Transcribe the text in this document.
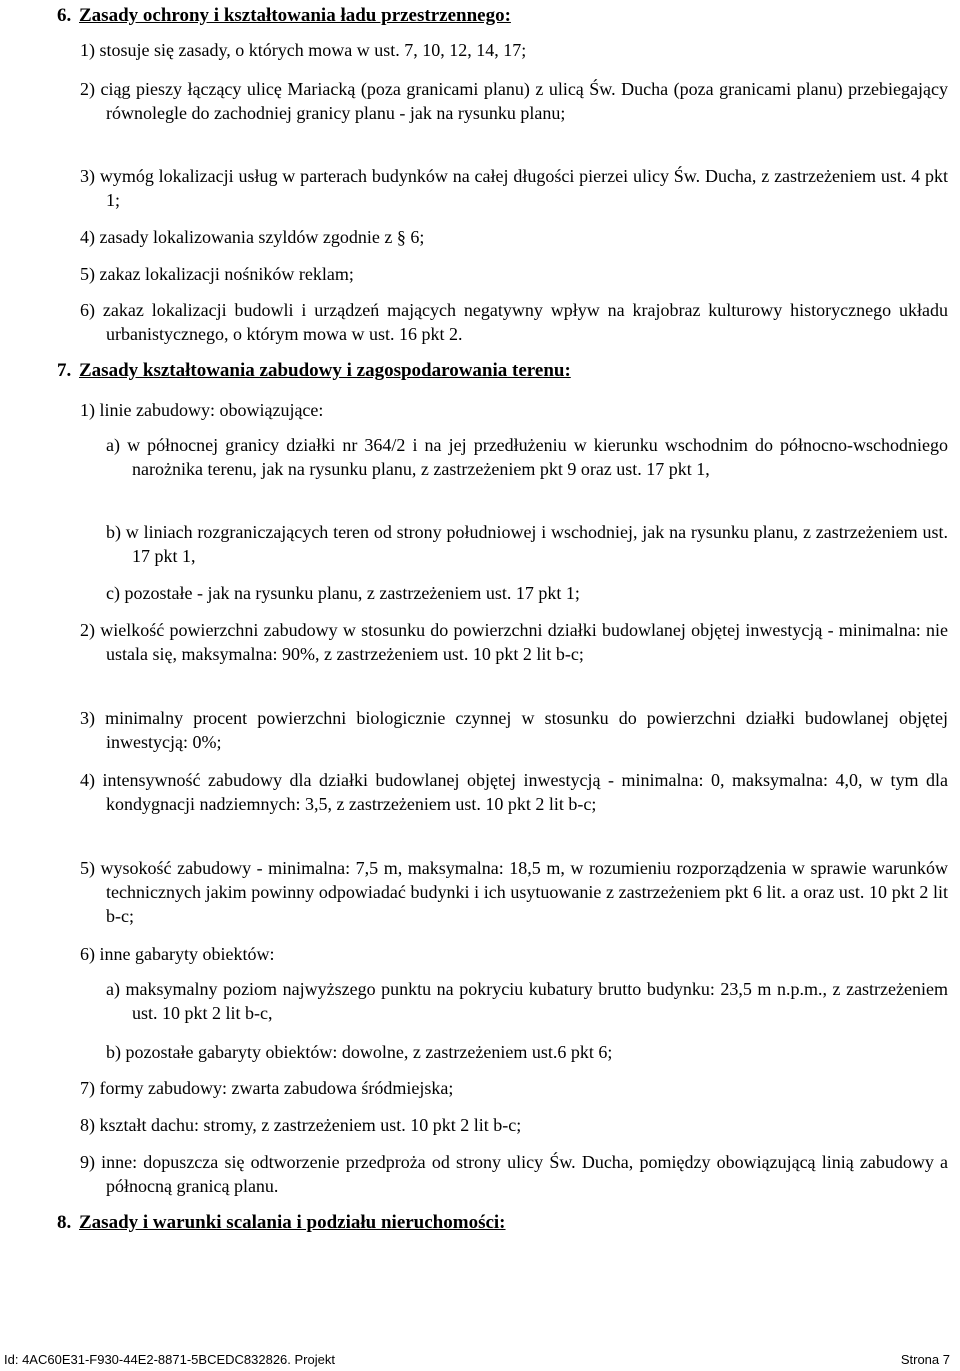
6. Zasady ochrony i kształtowania ładu przestrzennego:
1) stosuje się zasady, o których mowa w ust. 7, 10, 12, 14, 17;
2) ciąg pieszy łączący ulicę Mariacką (poza granicami planu) z ulicą Św. Ducha (poza granicami planu) przebiegający równolegle do zachodniej granicy planu - jak na rysunku planu;
3) wymóg lokalizacji usług w parterach budynków na całej długości pierzei ulicy Św. Ducha, z zastrzeżeniem ust. 4 pkt 1;
4) zasady lokalizowania szyldów zgodnie z § 6;
5) zakaz lokalizacji nośników reklam;
6) zakaz lokalizacji budowli i urządzeń mających negatywny wpływ na krajobraz kulturowy historycznego układu urbanistycznego, o którym mowa w ust. 16 pkt 2.
7. Zasady kształtowania zabudowy i zagospodarowania terenu:
1) linie zabudowy: obowiązujące:
a) w północnej granicy działki nr 364/2 i na jej przedłużeniu w kierunku wschodnim do północno-wschodniego narożnika terenu, jak na rysunku planu, z zastrzeżeniem pkt 9 oraz ust. 17 pkt 1,
b) w liniach rozgraniczających teren od strony południowej i wschodniej, jak na rysunku planu, z zastrzeżeniem ust. 17 pkt 1,
c) pozostałe - jak na rysunku planu, z zastrzeżeniem ust. 17 pkt 1;
2) wielkość powierzchni zabudowy w stosunku do powierzchni działki budowlanej objętej inwestycją - minimalna: nie ustala się, maksymalna: 90%, z zastrzeżeniem ust. 10 pkt 2 lit b-c;
3) minimalny procent powierzchni biologicznie czynnej w stosunku do powierzchni działki budowlanej objętej inwestycją: 0%;
4) intensywność zabudowy dla działki budowlanej objętej inwestycją - minimalna: 0, maksymalna: 4,0, w tym dla kondygnacji nadziemnych: 3,5, z zastrzeżeniem ust. 10 pkt 2 lit b-c;
5) wysokość zabudowy - minimalna: 7,5 m, maksymalna: 18,5 m, w rozumieniu rozporządzenia w sprawie warunków technicznych jakim powinny odpowiadać budynki i ich usytuowanie z zastrzeżeniem pkt 6 lit. a oraz ust. 10 pkt 2 lit b-c;
6) inne gabaryty obiektów:
a) maksymalny poziom najwyższego punktu na pokryciu kubatury brutto budynku: 23,5 m n.p.m., z zastrzeżeniem ust. 10 pkt 2 lit b-c,
b) pozostałe gabaryty obiektów: dowolne, z zastrzeżeniem ust.6 pkt 6;
7) formy zabudowy: zwarta zabudowa śródmiejska;
8) kształt dachu: stromy, z zastrzeżeniem ust. 10 pkt 2 lit b-c;
9) inne: dopuszcza się odtworzenie przedproża od strony ulicy Św. Ducha, pomiędzy obowiązującą linią zabudowy a północną granicą planu.
8. Zasady i warunki scalania i podziału nieruchomości:
Id: 4AC60E31-F930-44E2-8871-5BCEDC832826. Projekt	Strona 7
